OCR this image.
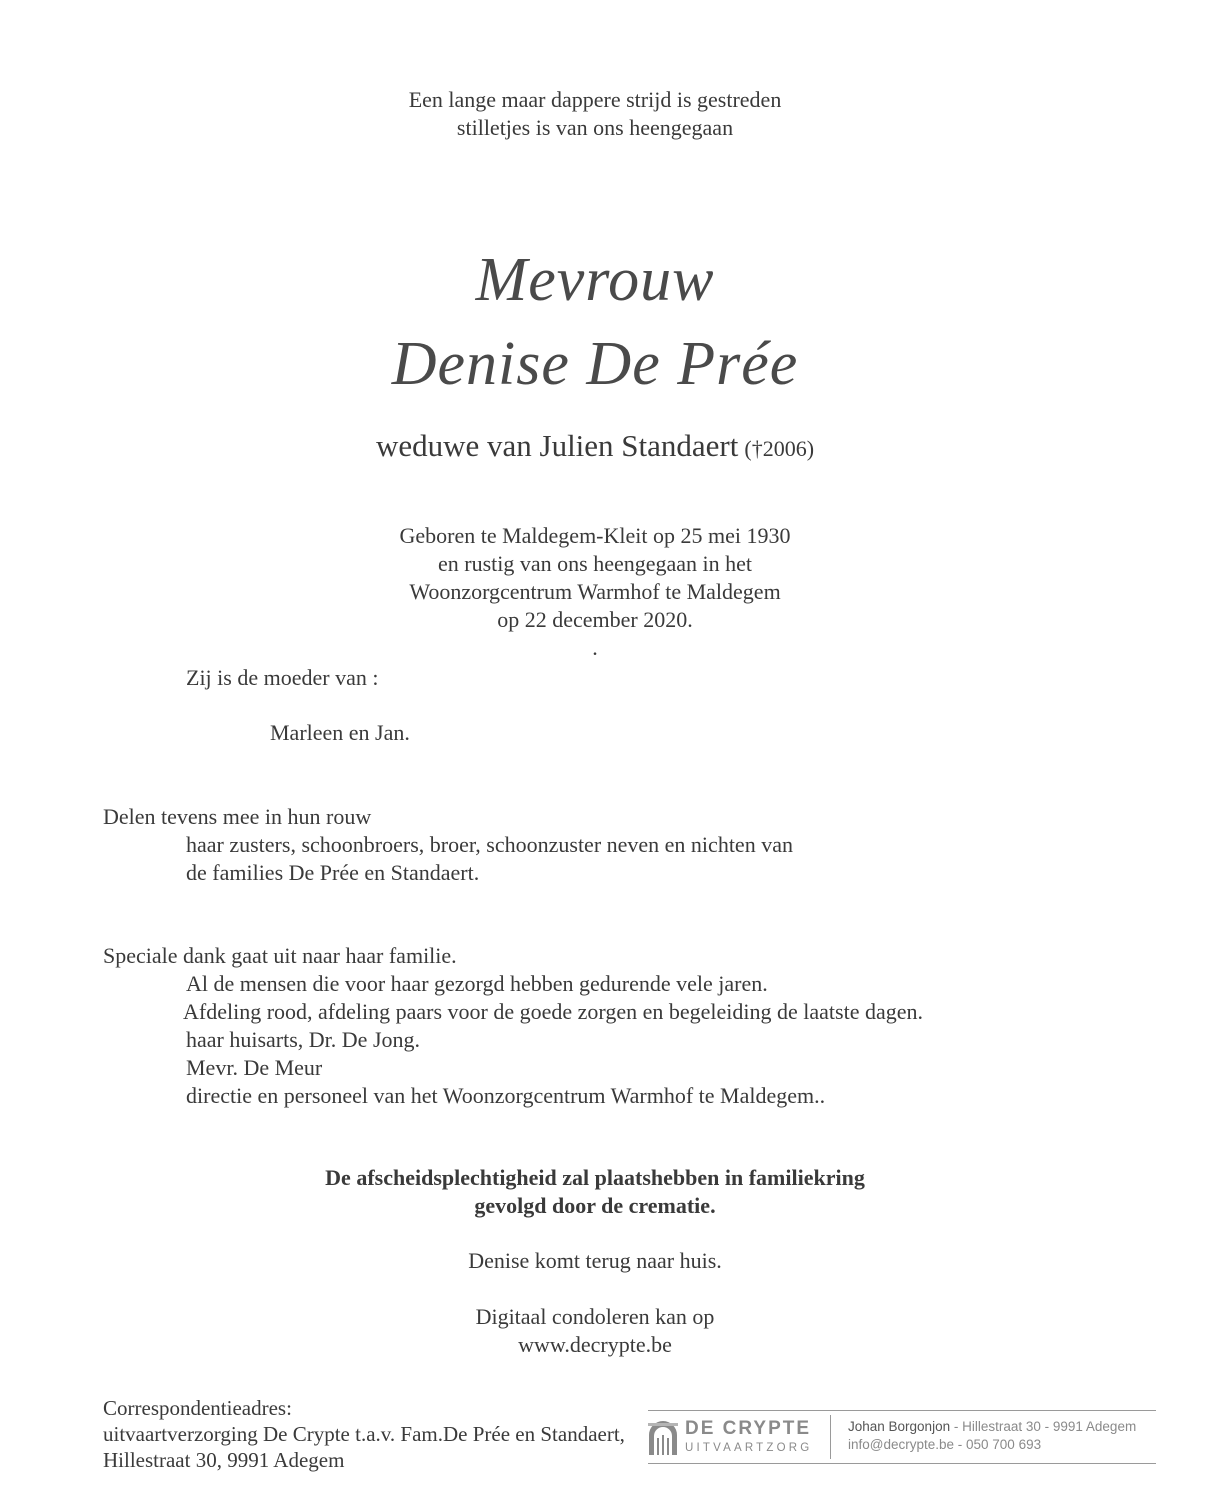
Een lange maar dappere strijd is gestreden
stilletjes is van ons heengegaan
Mevrouw
Denise De Prée
weduwe van Julien Standaert (†2006)
Geboren te Maldegem-Kleit op 25 mei 1930
en rustig van ons heengegaan in het
Woonzorgcentrum Warmhof te Maldegem
op 22 december 2020.
.
Zij is de moeder van :
Marleen en Jan.
Delen tevens mee in hun rouw
haar zusters, schoonbroers, broer, schoonzuster neven en nichten van
de families De Prée en Standaert.
Speciale dank gaat uit naar haar familie.
Al de mensen die voor haar gezorgd hebben gedurende vele jaren.
Afdeling rood, afdeling paars voor de goede zorgen en begeleiding de laatste dagen.
haar huisarts, Dr. De Jong.
Mevr. De Meur
directie en personeel van het Woonzorgcentrum Warmhof te Maldegem..
De afscheidsplechtigheid zal plaatshebben in familiekring
gevolgd door de crematie.
Denise komt terug naar huis.
Digitaal condoleren kan op
www.decrypte.be
Correspondentieadres:
uitvaartverzorging De Crypte t.a.v. Fam.De Prée en Standaert,
Hillestraat 30, 9991 Adegem
DE CRYPTE
UITVAARTZORG
Johan Borgonjon - Hillestraat 30 - 9991 Adegem
info@decrypte.be - 050 700 693
